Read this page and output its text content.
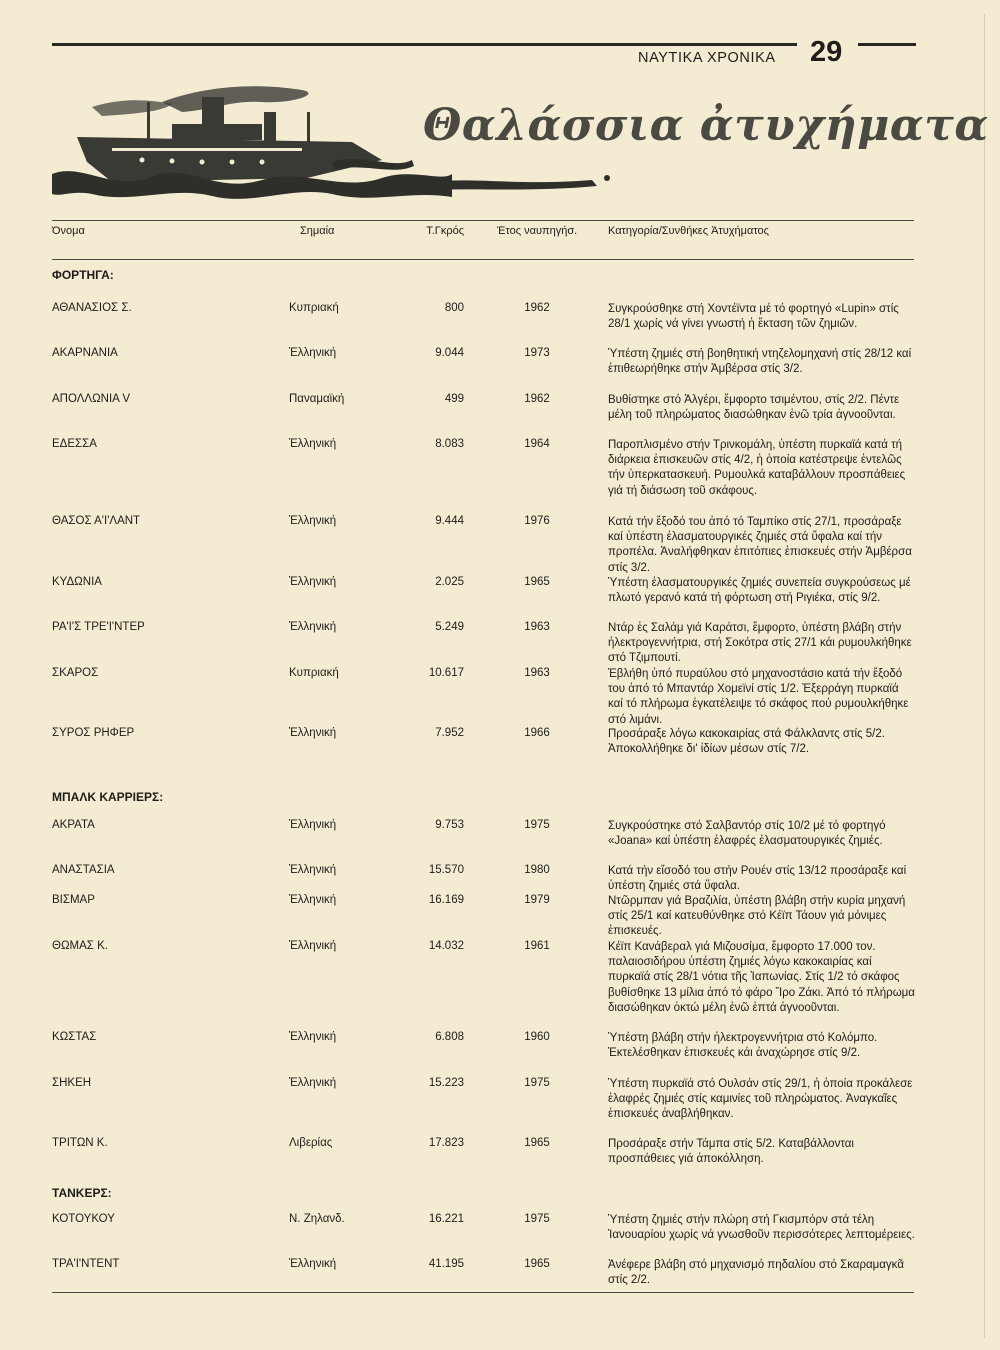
ΝΑΥΤΙΚΑ ΧΡΟΝΙΚΑ 29
Θαλάσσια ἀτυχήματα
Όνομα	Σημαία	Τ.Γκρός	Έτος ναυπηγήσ.	Κατηγορία/Συνθήκες Ἀτυχήματος
ΦΟΡΤΗΓΑ:
ΑΘΑΝΑΣΙΟΣ Σ.	Κυπριακή	800	1962	Συγκρούσθηκε στή Χοντέϊντα μέ τό φορτηγό «Lupin» στίς 28/1 χωρίς νά γίνει γνωστή ἡ ἔκταση τῶν ζημιῶν.
ΑΚΑΡΝΑΝΙΑ	Ἑλληνική	9.044	1973	Ὑπέστη ζημιές στή βοηθητική ντηζελομηχανή στίς 28/12 καί ἐπιθεωρήθηκε στήν Ἀμβέρσα στίς 3/2.
ΑΠΟΛΛΩΝΙΑ V	Παναμαϊκή	499	1962	Βυθίστηκε στό Ἀλγέρι, ἔμφορτο τσιμέντου, στίς 2/2. Πέντε μέλη τοῦ πληρώματος διασώθηκαν ἐνῶ τρία ἀγνοοῦνται.
ΕΔΕΣΣΑ	Ἑλληνική	8.083	1964	Παροπλισμένο στήν Τρινκομάλη, ὑπέστη πυρκαϊά κατά τή διάρκεια ἐπισκευῶν στίς 4/2, ἡ ὁποία κατέστρεψε ἐντελῶς τήν ὑπερκατασκευή. Ρυμουλκά καταβάλλουν προσπάθειες γιά τή διάσωση τοῦ σκάφους.
ΘΑΣΟΣ Α'Ι'ΛΑΝΤ	Ἑλληνική	9.444	1976	Κατά τήν ἔξοδό του ἀπό τό Ταμπίκο στίς 27/1, προσάραξε καί ὑπέστη ἐλασματουργικές ζημιές στά ὕφαλα καί τήν προπέλα. Ἀναλήφθηκαν ἐπιτόπιες ἐπισκευές στήν Ἀμβέρσα στίς 3/2.
ΚΥΔΩΝΙΑ	Ἑλληνική	2.025	1965	Ὑπέστη ἐλασματουργικές ζημιές συνεπεία συγκρούσεως μέ πλωτό γερανό κατά τή φόρτωση στή Ριγιέκα, στίς 9/2.
ΡΑ'Ι'Σ ΤΡΕ'Ι'ΝΤΕΡ	Ἑλληνική	5.249	1963	Ντάρ ἐς Σαλάμ γιά Καράτσι, ἔμφορτο, ὑπέστη βλάβη στήν ἠλεκτρογεννήτρια, στή Σοκότρα στίς 27/1 κάι ρυμουλκήθηκε στό Τζιμπουτί.
ΣΚΑΡΟΣ	Κυπριακή	10.617	1963	Ἐβλήθη ὑπό πυραύλου στό μηχανοστάσιο κατά τήν ἔξοδό του ἀπό τό Μπαντάρ Χομεϊνί στίς 1/2. Ἐξερράγη πυρκαϊά καί τό πλήρωμα ἐγκατέλειψε τό σκάφος πού ρυμουλκήθηκε στό λιμάνι.
ΣΥΡΟΣ ΡΗΦΕΡ	Ἑλληνική	7.952	1966	Προσάραξε λόγω κακοκαιρίας στά Φάλκλαντς στίς 5/2. Ἀποκολλήθηκε δι' ἰδίων μέσων στίς 7/2.
ΜΠΑΛΚ ΚΑΡΡΙΕΡΣ:
ΑΚΡΑΤΑ	Ἑλληνική	9.753	1975	Συγκρούστηκε στό Σαλβαντόρ στίς 10/2 μέ τό φορτηγό «Joana» καί ὑπέστη ἐλαφρές ἐλασματουργικές ζημιές.
ΑΝΑΣΤΑΣΙΑ	Ἑλληνική	15.570	1980	Κατά τήν εἴσοδό του στήν Ρουέν στίς 13/12 προσάραξε καί ὑπέστη ζημιές στά ὕφαλα.
ΒΙΣΜΑΡ	Ἑλληνική	16.169	1979	Ντῶρμπαν γιά Βραζιλία, ὑπέστη βλάβη στήν κυρία μηχανή στίς 25/1 καί κατευθύνθηκε στό Κέϊπ Τάουν γιά μόνιμες ἐπισκευές.
ΘΩΜΑΣ Κ.	Ἑλληνική	14.032	1961	Κέϊπ Κανάβεραλ γιά Μιζουσίμα, ἔμφορτο 17.000 τον. παλαιοσιδήρου ὑπέστη ζημιές λόγω κακοκαιρίας καί πυρκαϊά στίς 28/1 νότια τῆς Ἰαπωνίας. Στίς 1/2 τό σκάφος βυθίσθηκε 13 μίλια ἀπό τό φάρο Ἴρο Ζάκι. Ἀπό τό πλήρωμα διασώθηκαν ὀκτώ μέλη ἐνῶ ἑπτά ἀγνοοῦνται.
ΚΩΣΤΑΣ	Ἑλληνική	6.808	1960	Ὑπέστη βλάβη στήν ἠλεκτρογεννήτρια στό Κολόμπο. Ἐκτελέσθηκαν ἐπισκευές κάι ἀναχώρησε στίς 9/2.
ΣΗΚΕΗ	Ἑλληνική	15.223	1975	Ὑπέστη πυρκαϊά στό Ουλσάν στίς 29/1, ἡ ὁποία προκάλεσε ἐλαφρές ζημιές στίς καμινίες τοῦ πληρώματος. Ἀναγκαῖες ἐπισκευές ἀναβλήθηκαν.
ΤΡΙΤΩΝ Κ.	Λιβερίας	17.823	1965	Προσάραξε στήν Τάμπα στίς 5/2. Καταβάλλονται προσπάθειες γιά ἀποκόλληση.
ΤΑΝΚΕΡΣ:
ΚΟΤΟΥΚΟΥ	Ν. Ζηλανδ.	16.221	1975	Ὑπέστη ζημιές στήν πλώρη στή Γκισμπόρν στά τέλη Ἰανουαρίου χωρίς νά γνωσθοῦν περισσότερες λεπτομέρειες.
ΤΡΑ'Ι'ΝΤΕΝΤ	Ἑλληνική	41.195	1965	Ἀνέφερε βλάβη στό μηχανισμό πηδαλίου στό Σκαραμαγκᾶ στίς 2/2.
